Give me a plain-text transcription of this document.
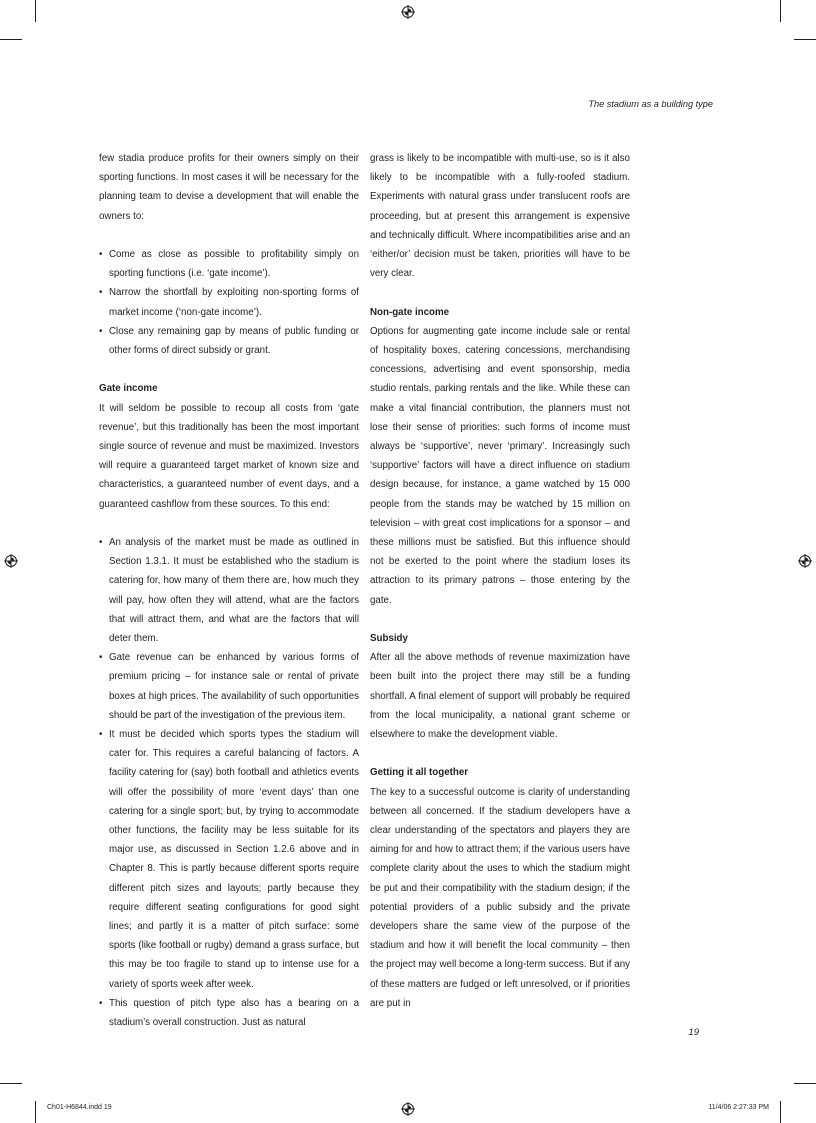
The stadium as a building type

few stadia produce profits for their owners simply on their sporting functions. In most cases it will be necessary for the planning team to devise a development that will enable the owners to:

• Come as close as possible to profitability simply on sporting functions (i.e. ‘gate income’).
• Narrow the shortfall by exploiting non-sporting forms of market income (‘non-gate income’).
• Close any remaining gap by means of public funding or other forms of direct subsidy or grant.
Gate income

It will seldom be possible to recoup all costs from ‘gate revenue’, but this traditionally has been the most important single source of revenue and must be maximized. Investors will require a guaranteed target market of known size and characteristics, a guaranteed number of event days, and a guaranteed cashflow from these sources. To this end:

• An analysis of the market must be made as outlined in Section 1.3.1. It must be established who the stadium is catering for, how many of them there are, how much they will pay, how often they will attend, what are the factors that will attract them, and what are the factors that will deter them.
• Gate revenue can be enhanced by various forms of premium pricing – for instance sale or rental of private boxes at high prices. The availability of such opportunities should be part of the investigation of the previous item.
• It must be decided which sports types the stadium will cater for. This requires a careful balancing of factors. A facility catering for (say) both football and athletics events will offer the possibility of more ‘event days’ than one catering for a single sport; but, by trying to accommodate other functions, the facility may be less suitable for its major use, as discussed in Section 1.2.6 above and in Chapter 8. This is partly because different sports require different pitch sizes and layouts; partly because they require different seating configurations for good sight lines; and partly it is a matter of pitch surface: some sports (like football or rugby) demand a grass surface, but this may be too fragile to stand up to intense use for a variety of sports week after week.
• This question of pitch type also has a bearing on a stadium’s overall construction. Just as natural

grass is likely to be incompatible with multi-use, so is it also likely to be incompatible with a fully-roofed stadium. Experiments with natural grass under translucent roofs are proceeding, but at present this arrangement is expensive and technically difficult. Where incompatibilities arise and an ‘either/or’ decision must be taken, priorities will have to be very clear.

Non-gate income

Options for augmenting gate income include sale or rental of hospitality boxes, catering concessions, merchandising concessions, advertising and event sponsorship, media studio rentals, parking rentals and the like. While these can make a vital financial contribution, the planners must not lose their sense of priorities: such forms of income must always be ‘supportive’, never ‘primary’. Increasingly such ‘supportive’ factors will have a direct influence on stadium design because, for instance, a game watched by 15 000 people from the stands may be watched by 15 million on television – with great cost implications for a sponsor – and these millions must be satisfied. But this influence should not be exerted to the point where the stadium loses its attraction to its primary patrons – those entering by the gate.

Subsidy

After all the above methods of revenue maximization have been built into the project there may still be a funding shortfall. A final element of support will probably be required from the local municipality, a national grant scheme or elsewhere to make the development viable.

Getting it all together

The key to a successful outcome is clarity of understanding between all concerned. If the stadium developers have a clear understanding of the spectators and players they are aiming for and how to attract them; if the various users have complete clarity about the uses to which the stadium might be put and their compatibility with the stadium design; if the potential providers of a public subsidy and the private developers share the same view of the purpose of the stadium and how it will benefit the local community – then the project may well become a long-term success. But if any of these matters are fudged or left unresolved, or if priorities are put in

19
Ch01-H6844.indd 19	11/4/06 2:27:33 PM
